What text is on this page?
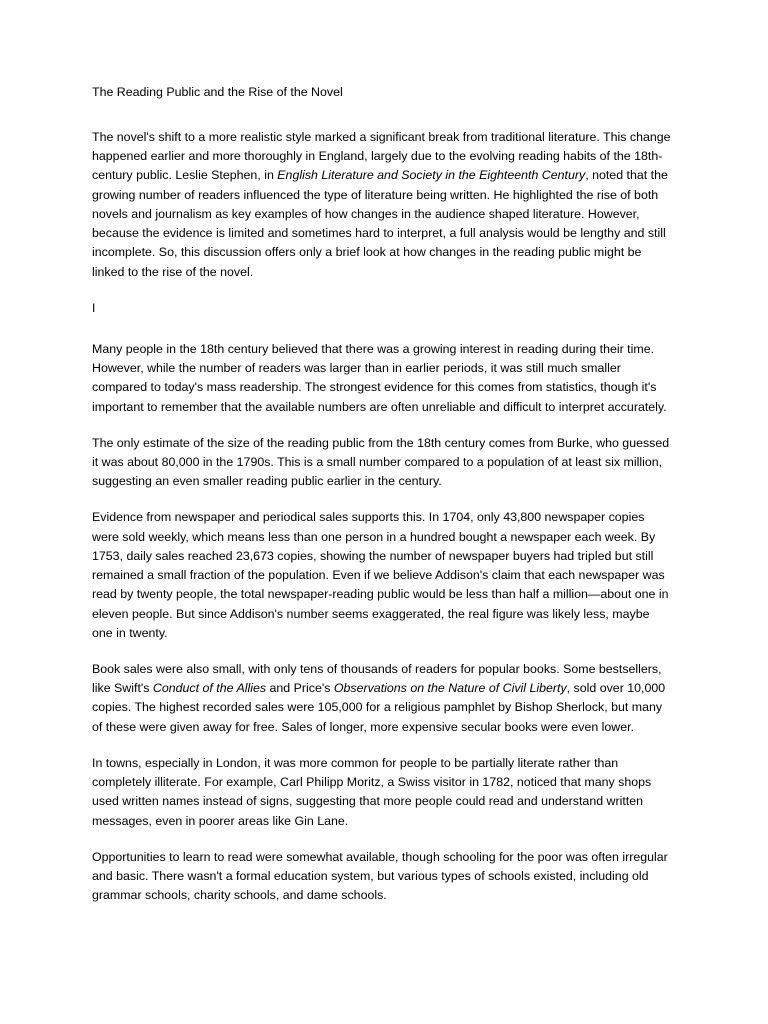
The Reading Public and the Rise of the Novel

The novel's shift to a more realistic style marked a significant break from traditional literature. This change happened earlier and more thoroughly in England, largely due to the evolving reading habits of the 18th-century public. Leslie Stephen, in English Literature and Society in the Eighteenth Century, noted that the growing number of readers influenced the type of literature being written. He highlighted the rise of both novels and journalism as key examples of how changes in the audience shaped literature. However, because the evidence is limited and sometimes hard to interpret, a full analysis would be lengthy and still incomplete. So, this discussion offers only a brief look at how changes in the reading public might be linked to the rise of the novel.

I

Many people in the 18th century believed that there was a growing interest in reading during their time. However, while the number of readers was larger than in earlier periods, it was still much smaller compared to today's mass readership. The strongest evidence for this comes from statistics, though it's important to remember that the available numbers are often unreliable and difficult to interpret accurately.

The only estimate of the size of the reading public from the 18th century comes from Burke, who guessed it was about 80,000 in the 1790s. This is a small number compared to a population of at least six million, suggesting an even smaller reading public earlier in the century.

Evidence from newspaper and periodical sales supports this. In 1704, only 43,800 newspaper copies were sold weekly, which means less than one person in a hundred bought a newspaper each week. By 1753, daily sales reached 23,673 copies, showing the number of newspaper buyers had tripled but still remained a small fraction of the population. Even if we believe Addison's claim that each newspaper was read by twenty people, the total newspaper-reading public would be less than half a million—about one in eleven people. But since Addison's number seems exaggerated, the real figure was likely less, maybe one in twenty.

Book sales were also small, with only tens of thousands of readers for popular books. Some bestsellers, like Swift's Conduct of the Allies and Price's Observations on the Nature of Civil Liberty, sold over 10,000 copies. The highest recorded sales were 105,000 for a religious pamphlet by Bishop Sherlock, but many of these were given away for free. Sales of longer, more expensive secular books were even lower.

In towns, especially in London, it was more common for people to be partially literate rather than completely illiterate. For example, Carl Philipp Moritz, a Swiss visitor in 1782, noticed that many shops used written names instead of signs, suggesting that more people could read and understand written messages, even in poorer areas like Gin Lane.

Opportunities to learn to read were somewhat available, though schooling for the poor was often irregular and basic. There wasn't a formal education system, but various types of schools existed, including old grammar schools, charity schools, and dame schools.
